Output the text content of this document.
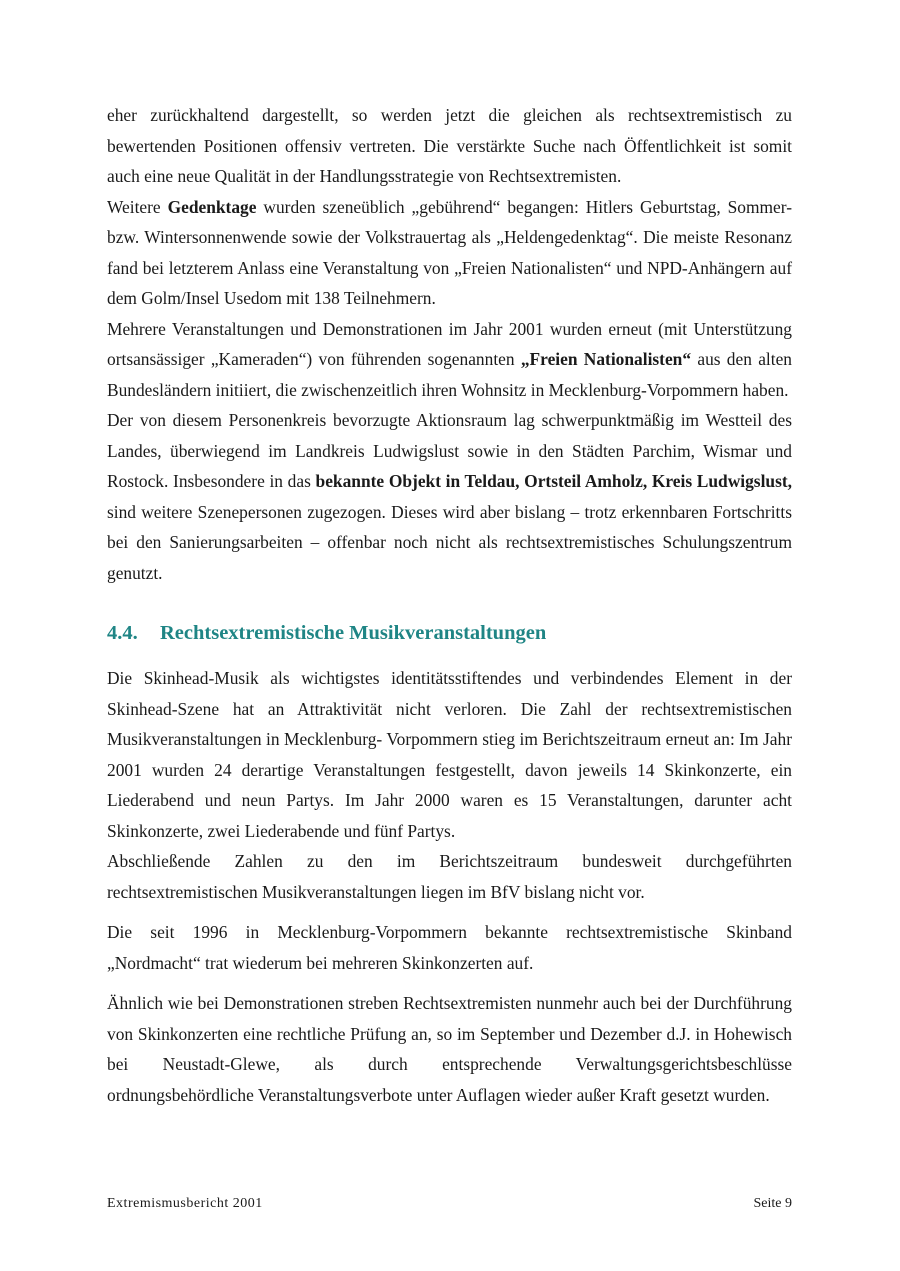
eher zurückhaltend dargestellt, so werden jetzt die gleichen als rechtsextremistisch zu bewertenden Positionen offensiv vertreten. Die verstärkte Suche nach Öffentlichkeit ist somit auch eine neue Qualität in der Handlungsstrategie von Rechtsextremisten.

Weitere Gedenktage wurden szeneüblich „gebührend“ begangen: Hitlers Geburtstag, Sommer- bzw. Wintersonnenwende sowie der Volkstrauertag als „Heldengedenktag“. Die meiste Resonanz fand bei letzterem Anlass eine Veranstaltung von „Freien Nationalisten“ und NPD-Anhängern auf dem Golm/Insel Usedom mit 138 Teilnehmern.

Mehrere Veranstaltungen und Demonstrationen im Jahr 2001 wurden erneut (mit Unterstützung ortsansässiger „Kameraden“) von führenden sogenannten „Freien Nationalisten“ aus den alten Bundesländern initiiert, die zwischenzeitlich ihren Wohnsitz in Mecklenburg-Vorpommern haben.

Der von diesem Personenkreis bevorzugte Aktionsraum lag schwerpunktmäßig im Westteil des Landes, überwiegend im Landkreis Ludwigslust sowie in den Städten Parchim, Wismar und Rostock. Insbesondere in das bekannte Objekt in Teldau, Ortsteil Amholz, Kreis Ludwigslust, sind weitere Szenepersonen zugezogen. Dieses wird aber bislang – trotz erkennbaren Fortschritts bei den Sanierungsarbeiten – offenbar noch nicht als rechtsextremistisches Schulungszentrum genutzt.

4.4. Rechtsextremistische Musikveranstaltungen

Die Skinhead-Musik als wichtigstes identitätsstiftendes und verbindendes Element in der Skinhead-Szene hat an Attraktivität nicht verloren. Die Zahl der rechtsextremistischen Musikveranstaltungen in Mecklenburg- Vorpommern stieg im Berichtszeitraum erneut an: Im Jahr 2001 wurden 24 derartige Veranstaltungen festgestellt, davon jeweils 14 Skinkonzerte, ein Liederabend und neun Partys. Im Jahr 2000 waren es 15 Veranstaltungen, darunter acht Skinkonzerte, zwei Liederabende und fünf Partys.

Abschließende Zahlen zu den im Berichtszeitraum bundesweit durchgeführten rechtsextremistischen Musikveranstaltungen liegen im BfV bislang nicht vor.

Die seit 1996 in Mecklenburg-Vorpommern bekannte rechtsextremistische Skinband „Nordmacht“ trat wiederum bei mehreren Skinkonzerten auf.

Ähnlich wie bei Demonstrationen streben Rechtsextremisten nunmehr auch bei der Durchführung von Skinkonzerten eine rechtliche Prüfung an, so im September und Dezember d.J. in Hohewisch bei Neustadt-Glewe, als durch entsprechende Verwaltungsgerichtsbeschlüsse ordnungsbehördliche Veranstaltungsverbote unter Auflagen wieder außer Kraft gesetzt wurden.

Extremismusbericht 2001	Seite 9
